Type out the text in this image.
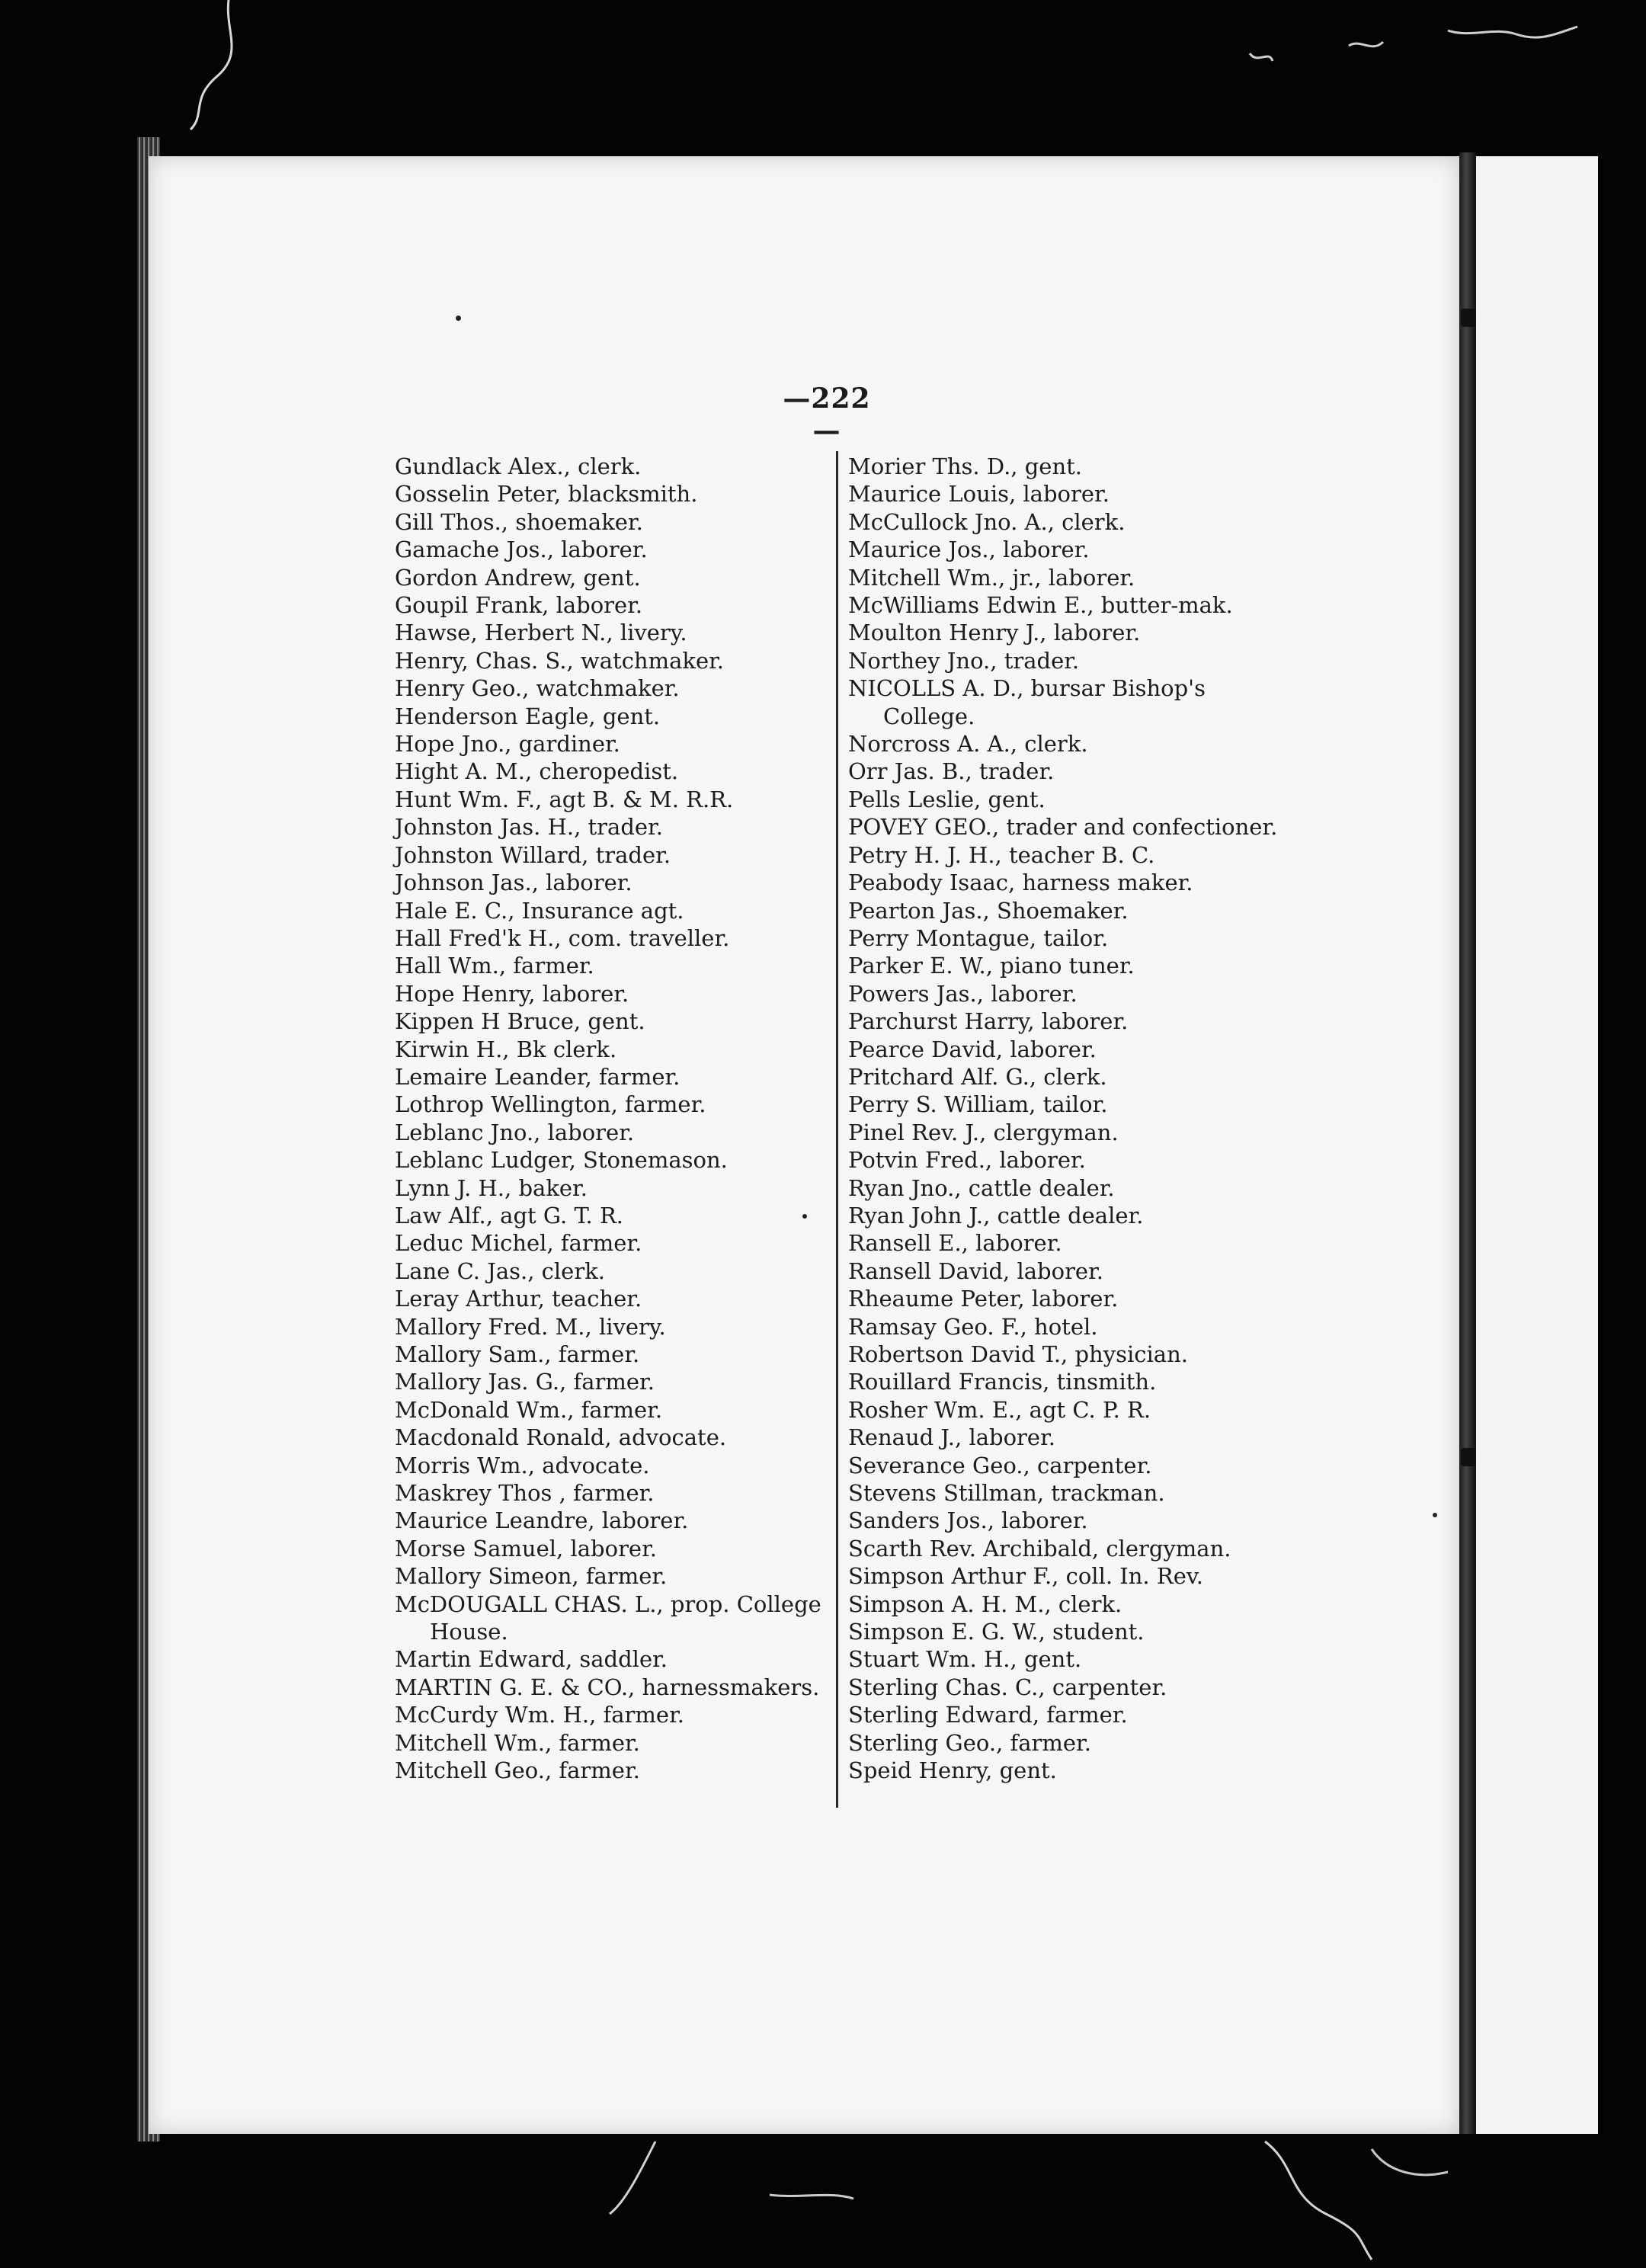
—222—
Gundlack Alex., clerk.
Gosselin Peter, blacksmith.
Gill Thos., shoemaker.
Gamache Jos., laborer.
Gordon Andrew, gent.
Goupil Frank, laborer.
Hawse, Herbert N., livery.
Henry, Chas. S., watchmaker.
Henry Geo., watchmaker.
Henderson Eagle, gent.
Hope Jno., gardiner.
Hight A. M., cheropedist.
Hunt Wm. F., agt B. & M. R.R.
Johnston Jas. H., trader.
Johnston Willard, trader.
Johnson Jas., laborer.
Hale E. C., Insurance agt.
Hall Fred'k H., com. traveller.
Hall Wm., farmer.
Hope Henry, laborer.
Kippen H Bruce, gent.
Kirwin H., Bk clerk.
Lemaire Leander, farmer.
Lothrop Wellington, farmer.
Leblanc Jno., laborer.
Leblanc Ludger, Stonemason.
Lynn J. H., baker.
Law Alf., agt G. T. R.
Leduc Michel, farmer.
Lane C. Jas., clerk.
Leray Arthur, teacher.
Mallory Fred. M., livery.
Mallory Sam., farmer.
Mallory Jas. G., farmer.
McDonald Wm., farmer.
Macdonald Ronald, advocate.
Morris Wm., advocate.
Maskrey Thos , farmer.
Maurice Leandre, laborer.
Morse Samuel, laborer.
Mallory Simeon, farmer.
McDOUGALL CHAS. L., prop. College House.
Martin Edward, saddler.
MARTIN G. E. & CO., harnessmakers.
McCurdy Wm. H., farmer.
Mitchell Wm., farmer.
Mitchell Geo., farmer.
Morier Ths. D., gent.
Maurice Louis, laborer.
McCullock Jno. A., clerk.
Maurice Jos., laborer.
Mitchell Wm., jr., laborer.
McWilliams Edwin E., butter-mak.
Moulton Henry J., laborer.
Northey Jno., trader.
NICOLLS A. D., bursar Bishop's College.
Norcross A. A., clerk.
Orr Jas. B., trader.
Pells Leslie, gent.
POVEY GEO., trader and confectioner.
Petry H. J. H., teacher B. C.
Peabody Isaac, harness maker.
Pearton Jas., Shoemaker.
Perry Montague, tailor.
Parker E. W., piano tuner.
Powers Jas., laborer.
Parchurst Harry, laborer.
Pearce David, laborer.
Pritchard Alf. G., clerk.
Perry S. William, tailor.
Pinel Rev. J., clergyman.
Potvin Fred., laborer.
Ryan Jno., cattle dealer.
Ryan John J., cattle dealer.
Ransell E., laborer.
Ransell David, laborer.
Rheaume Peter, laborer.
Ramsay Geo. F., hotel.
Robertson David T., physician.
Rouillard Francis, tinsmith.
Rosher Wm. E., agt C. P. R.
Renaud J., laborer.
Severance Geo., carpenter.
Stevens Stillman, trackman.
Sanders Jos., laborer.
Scarth Rev. Archibald, clergyman.
Simpson Arthur F., coll. In. Rev.
Simpson A. H. M., clerk.
Simpson E. G. W., student.
Stuart Wm. H., gent.
Sterling Chas. C., carpenter.
Sterling Edward, farmer.
Sterling Geo., farmer.
Speid Henry, gent.
